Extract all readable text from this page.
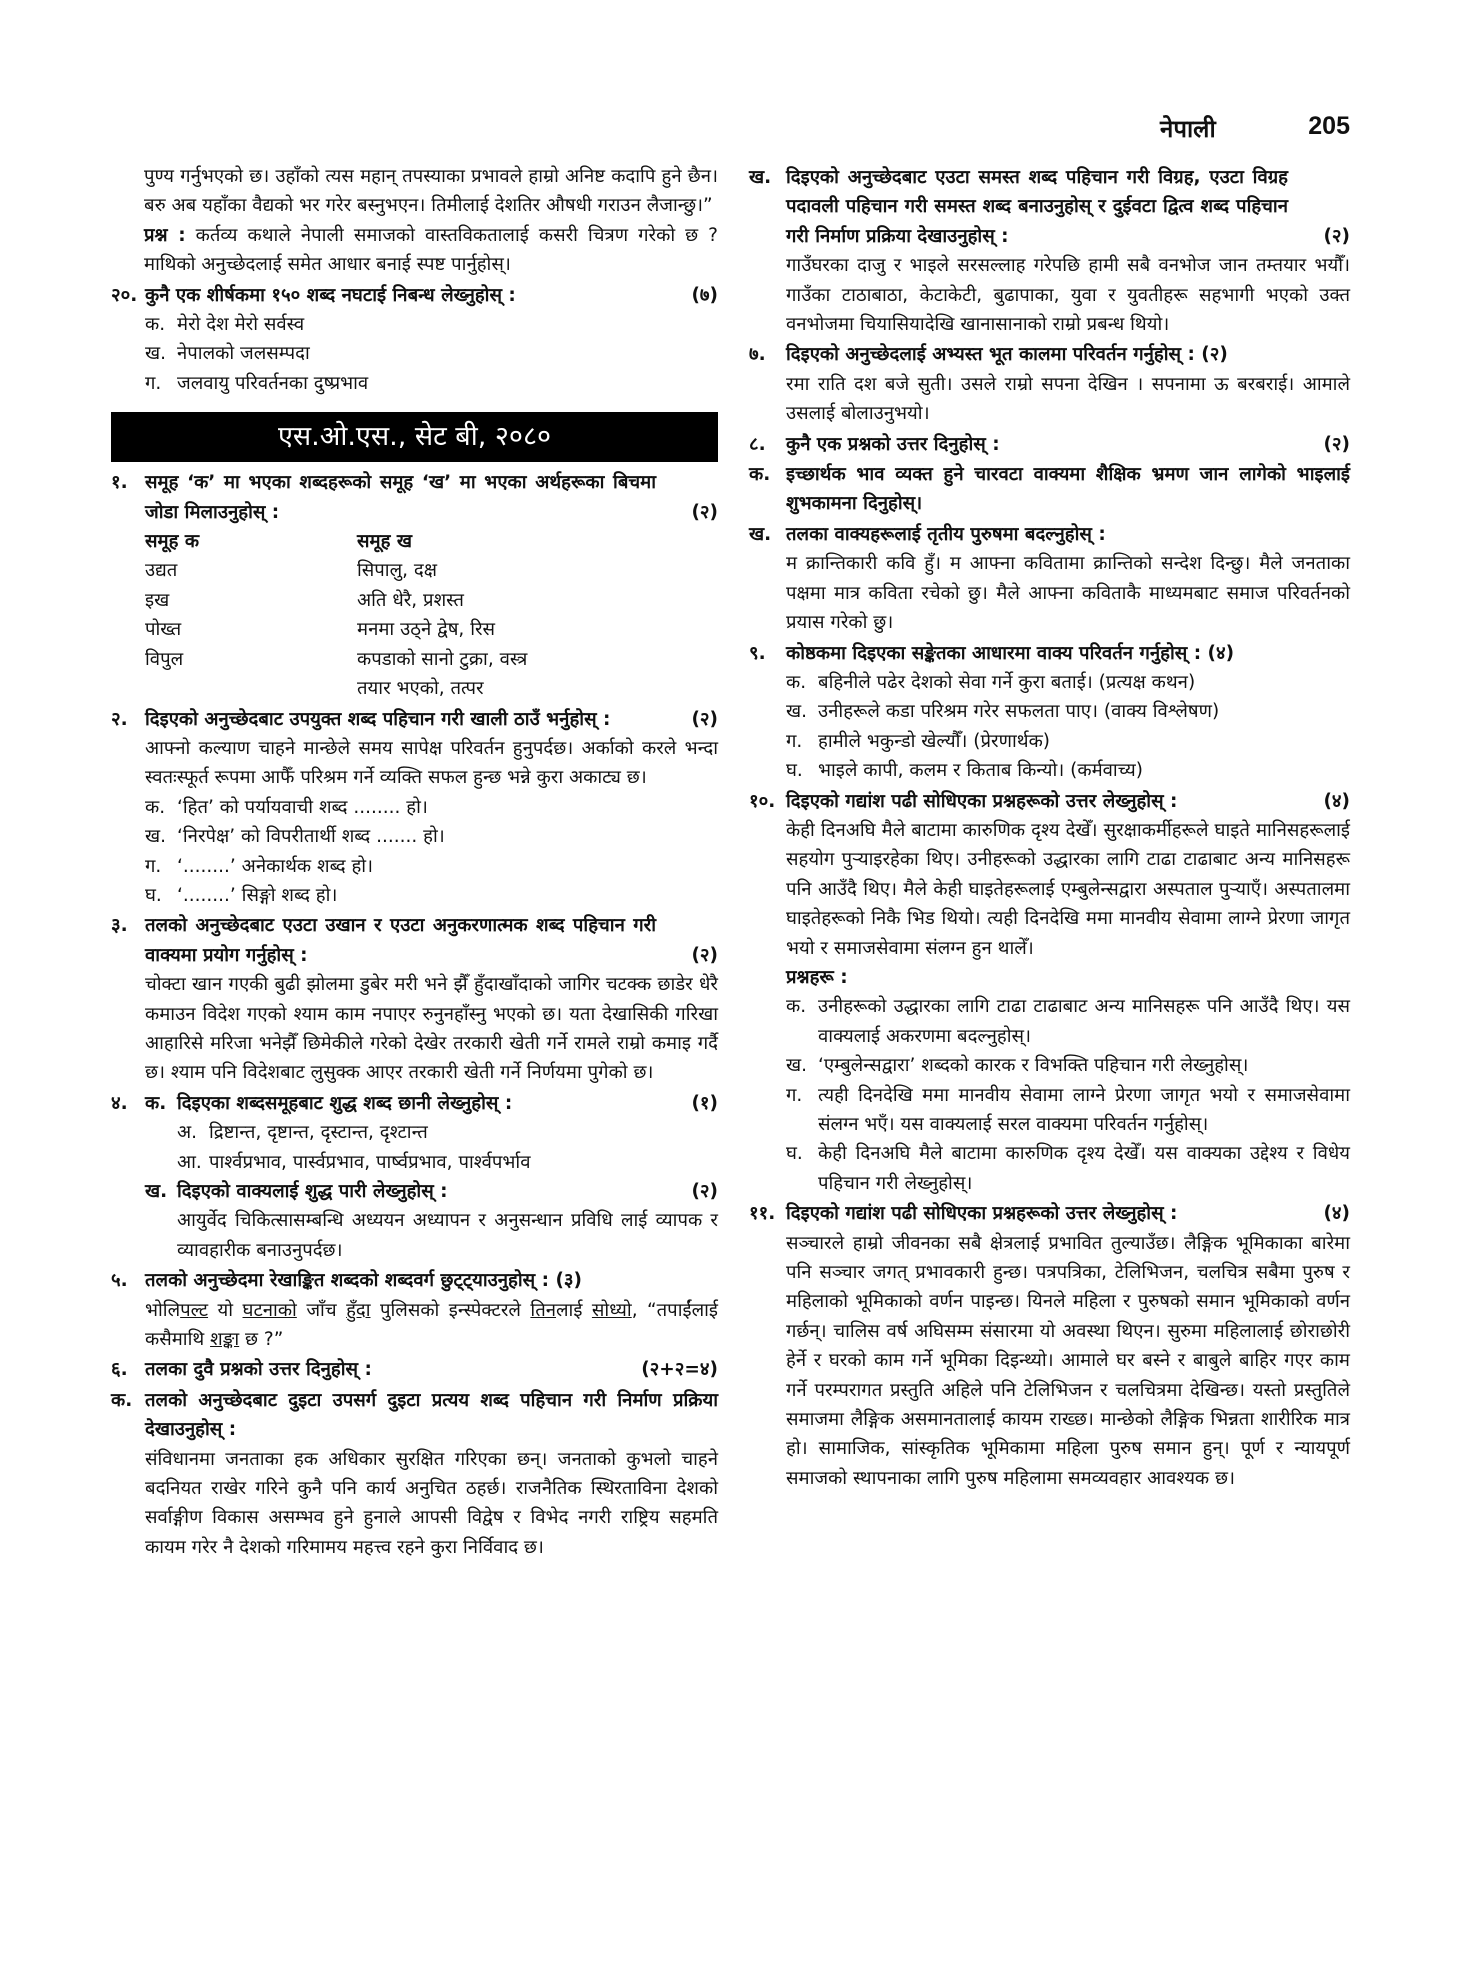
नेपाली	205

पुण्य गर्नुभएको छ। उहाँको त्यस महान् तपस्याका प्रभावले हाम्रो अनिष्ट कदापि हुने छैन। बरु अब यहाँका वैद्यको भर गरेर बस्नुभएन। तिमीलाई देशतिर औषधी गराउन लैजान्छु।”

प्रश्न : कर्तव्य कथाले नेपाली समाजको वास्तविकतालाई कसरी चित्रण गरेको छ ? माथिको अनुच्छेदलाई समेत आधार बनाई स्पष्ट पार्नुहोस्।

२०. कुनै एक शीर्षकमा १५० शब्द नघटाई निबन्ध लेख्नुहोस् :	(७)
क. मेरो देश मेरो सर्वस्व
ख. नेपालको जलसम्पदा
ग. जलवायु परिवर्तनका दुष्प्रभाव
एस.ओ.एस., सेट बी, २०८०
१. समूह ‘क’ मा भएका शब्दहरूको समूह ‘ख’ मा भएका अर्थहरूका बिचमा जोडा मिलाउनुहोस् :	(२)
समूह क	समूह ख
उद्यत	सिपालु, दक्ष
इख	अति धेरै, प्रशस्त
पोख्त	मनमा उठ्ने द्वेष, रिस
विपुल	कपडाको सानो टुक्रा, वस्त्र
	तयार भएको, तत्पर
२. दिइएको अनुच्छेदबाट उपयुक्त शब्द पहिचान गरी खाली ठाउँ भर्नुहोस् :	(२)

आफ्नो कल्याण चाहने मान्छेले समय सापेक्ष परिवर्तन हुनुपर्दछ। अर्काको करले भन्दा स्वतःस्फूर्त रूपमा आफैँ परिश्रम गर्ने व्यक्ति सफल हुन्छ भन्ने कुरा अकाट्य छ।

क. ‘हित’ को पर्यायवाची शब्द ........ हो।
ख. ‘निरपेक्ष’ को विपरीतार्थी शब्द ....... हो।
ग. ‘........’ अनेकार्थक शब्द हो।
घ. ‘........’ सिङ्गो शब्द हो।
३. तलको अनुच्छेदबाट एउटा उखान र एउटा अनुकरणात्मक शब्द पहिचान गरी वाक्यमा प्रयोग गर्नुहोस् :	(२)

चोक्टा खान गएकी बुढी झोलमा डुबेर मरी भने झैँ हुँदाखाँदाको जागिर चटक्क छाडेर धेरै कमाउन विदेश गएको श्याम काम नपाएर रुनुनहाँस्नु भएको छ। यता देखासिकी गरिखा आहारिसे मरिजा भनेझैँ छिमेकीले गरेको देखेर तरकारी खेती गर्ने रामले राम्रो कमाइ गर्दै छ। श्याम पनि विदेशबाट लुसुक्क आएर तरकारी खेती गर्ने निर्णयमा पुगेको छ।

४. क. दिइएका शब्दसमूहबाट शुद्ध शब्द छानी लेख्नुहोस् :	(१)
अ. द्रिष्टान्त, दृष्टान्त, दृस्टान्त, दृश्टान्त
आ. पार्श्वप्रभाव, पार्स्वप्रभाव, पार्ष्वप्रभाव, पार्श्वपर्भाव
ख. दिइएको वाक्यलाई शुद्ध पारी लेख्नुहोस् :	(२)

आयुर्वेद चिकित्सासम्बन्धि अध्ययन अध्यापन र अनुसन्धान प्रविधि लाई व्यापक र व्यावहारीक बनाउनुपर्दछ।

५. तलको अनुच्छेदमा रेखाङ्कित शब्दको शब्दवर्ग छुट्ट्याउनुहोस् : (३)

भोलिपल्ट यो घटनाको जाँच हुँदा पुलिसको इन्स्पेक्टरले तिनलाई सोध्यो, “तपाईंलाई कसैमाथि शङ्का छ ?”

६. तलका दुवै प्रश्नको उत्तर दिनुहोस् :	(२+२=४)
क. तलको अनुच्छेदबाट दुइटा उपसर्ग दुइटा प्रत्यय शब्द पहिचान गरी निर्माण प्रक्रिया देखाउनुहोस् :

संविधानमा जनताका हक अधिकार सुरक्षित गरिएका छन्। जनताको कुभलो चाहने बदनियत राखेर गरिने कुनै पनि कार्य अनुचित ठहर्छ। राजनैतिक स्थिरताविना देशको सर्वाङ्गीण विकास असम्भव हुने हुनाले आपसी विद्वेष र विभेद नगरी राष्ट्रिय सहमति कायम गरेर नै देशको गरिमामय महत्त्व रहने कुरा निर्विवाद छ।

ख. दिइएको अनुच्छेदबाट एउटा समस्त शब्द पहिचान गरी विग्रह, एउटा विग्रह पदावली पहिचान गरी समस्त शब्द बनाउनुहोस् र दुईवटा द्वित्व शब्द पहिचान गरी निर्माण प्रक्रिया देखाउनुहोस् :	(२)

गाउँघरका दाजु र भाइले सरसल्लाह गरेपछि हामी सबै वनभोज जान तम्तयार भयौँ। गाउँका टाठाबाठा, केटाकेटी, बुढापाका, युवा र युवतीहरू सहभागी भएको उक्त वनभोजमा चियासियादेखि खानासानाको राम्रो प्रबन्ध थियो।

७.	दिइएको अनुच्छेदलाई अभ्यस्त भूत कालमा परिवर्तन गर्नुहोस् : (२)

रमा राति दश बजे सुती। उसले राम्रो सपना देखिन । सपनामा ऊ बरबराई। आमाले उसलाई बोलाउनुभयो।

८.	कुनै एक प्रश्नको उत्तर दिनुहोस् :	(२)
क. इच्छार्थक भाव व्यक्त हुने चारवटा वाक्यमा शैक्षिक भ्रमण जान लागेको भाइलाई शुभकामना दिनुहोस्।
ख. तलका वाक्यहरूलाई तृतीय पुरुषमा बदल्नुहोस् :

म क्रान्तिकारी कवि हुँ। म आफ्ना कवितामा क्रान्तिको सन्देश दिन्छु। मैले जनताका पक्षमा मात्र कविता रचेको छु। मैले आफ्ना कविताकै माध्यमबाट समाज परिवर्तनको प्रयास गरेको छु।

९.	कोष्ठकमा दिइएका सङ्केतका आधारमा वाक्य परिवर्तन गर्नुहोस् : (४)
क. बहिनीले पढेर देशको सेवा गर्ने कुरा बताई। (प्रत्यक्ष कथन)
ख. उनीहरूले कडा परिश्रम गरेर सफलता पाए। (वाक्य विश्लेषण)
ग. हामीले भकुन्डो खेल्यौँ। (प्रेरणार्थक)
घ. भाइले कापी, कलम र किताब किन्यो। (कर्मवाच्य)
१०. दिइएको गद्यांश पढी सोधिएका प्रश्नहरूको उत्तर लेख्नुहोस् :	(४)

केही दिनअघि मैले बाटामा कारुणिक दृश्य देखेँ। सुरक्षाकर्मीहरूले घाइते मानिसहरूलाई सहयोग पुऱ्याइरहेका थिए। उनीहरूको उद्धारका लागि टाढा टाढाबाट अन्य मानिसहरू पनि आउँदै थिए। मैले केही घाइतेहरूलाई एम्बुलेन्सद्वारा अस्पताल पुऱ्याएँ। अस्पतालमा घाइतेहरूको निकै भिड थियो। त्यही दिनदेखि ममा मानवीय सेवामा लाग्ने प्रेरणा जागृत भयो र समाजसेवामा संलग्न हुन थालेँ।

प्रश्नहरू :
क. उनीहरूको उद्धारका लागि टाढा टाढाबाट अन्य मानिसहरू पनि आउँदै थिए। यस वाक्यलाई अकरणमा बदल्नुहोस्।
ख. ‘एम्बुलेन्सद्वारा’ शब्दको कारक र विभक्ति पहिचान गरी लेख्नुहोस्।
ग. त्यही दिनदेखि ममा मानवीय सेवामा लाग्ने प्रेरणा जागृत भयो र समाजसेवामा संलग्न भएँ। यस वाक्यलाई सरल वाक्यमा परिवर्तन गर्नुहोस्।
घ. केही दिनअघि मैले बाटामा कारुणिक दृश्य देखेँ। यस वाक्यका उद्देश्य र विधेय पहिचान गरी लेख्नुहोस्।
११. दिइएको गद्यांश पढी सोधिएका प्रश्नहरूको उत्तर लेख्नुहोस् :	(४)

सञ्चारले हाम्रो जीवनका सबै क्षेत्रलाई प्रभावित तुल्याउँछ। लैङ्गिक भूमिकाका बारेमा पनि सञ्चार जगत् प्रभावकारी हुन्छ। पत्रपत्रिका, टेलिभिजन, चलचित्र सबैमा पुरुष र महिलाको भूमिकाको वर्णन पाइन्छ। यिनले महिला र पुरुषको समान भूमिकाको वर्णन गर्छन्। चालिस वर्ष अघिसम्म संसारमा यो अवस्था थिएन। सुरुमा महिलालाई छोराछोरी हेर्ने र घरको काम गर्ने भूमिका दिइन्थ्यो। आमाले घर बस्ने र बाबुले बाहिर गएर काम गर्ने परम्परागत प्रस्तुति अहिले पनि टेलिभिजन र चलचित्रमा देखिन्छ। यस्तो प्रस्तुतिले समाजमा लैङ्गिक असमानतालाई कायम राख्छ। मान्छेको लैङ्गिक भिन्नता शारीरिक मात्र हो। सामाजिक, सांस्कृतिक भूमिकामा महिला पुरुष समान हुन्। पूर्ण र न्यायपूर्ण समाजको स्थापनाका लागि पुरुष महिलामा समव्यवहार आवश्यक छ।
